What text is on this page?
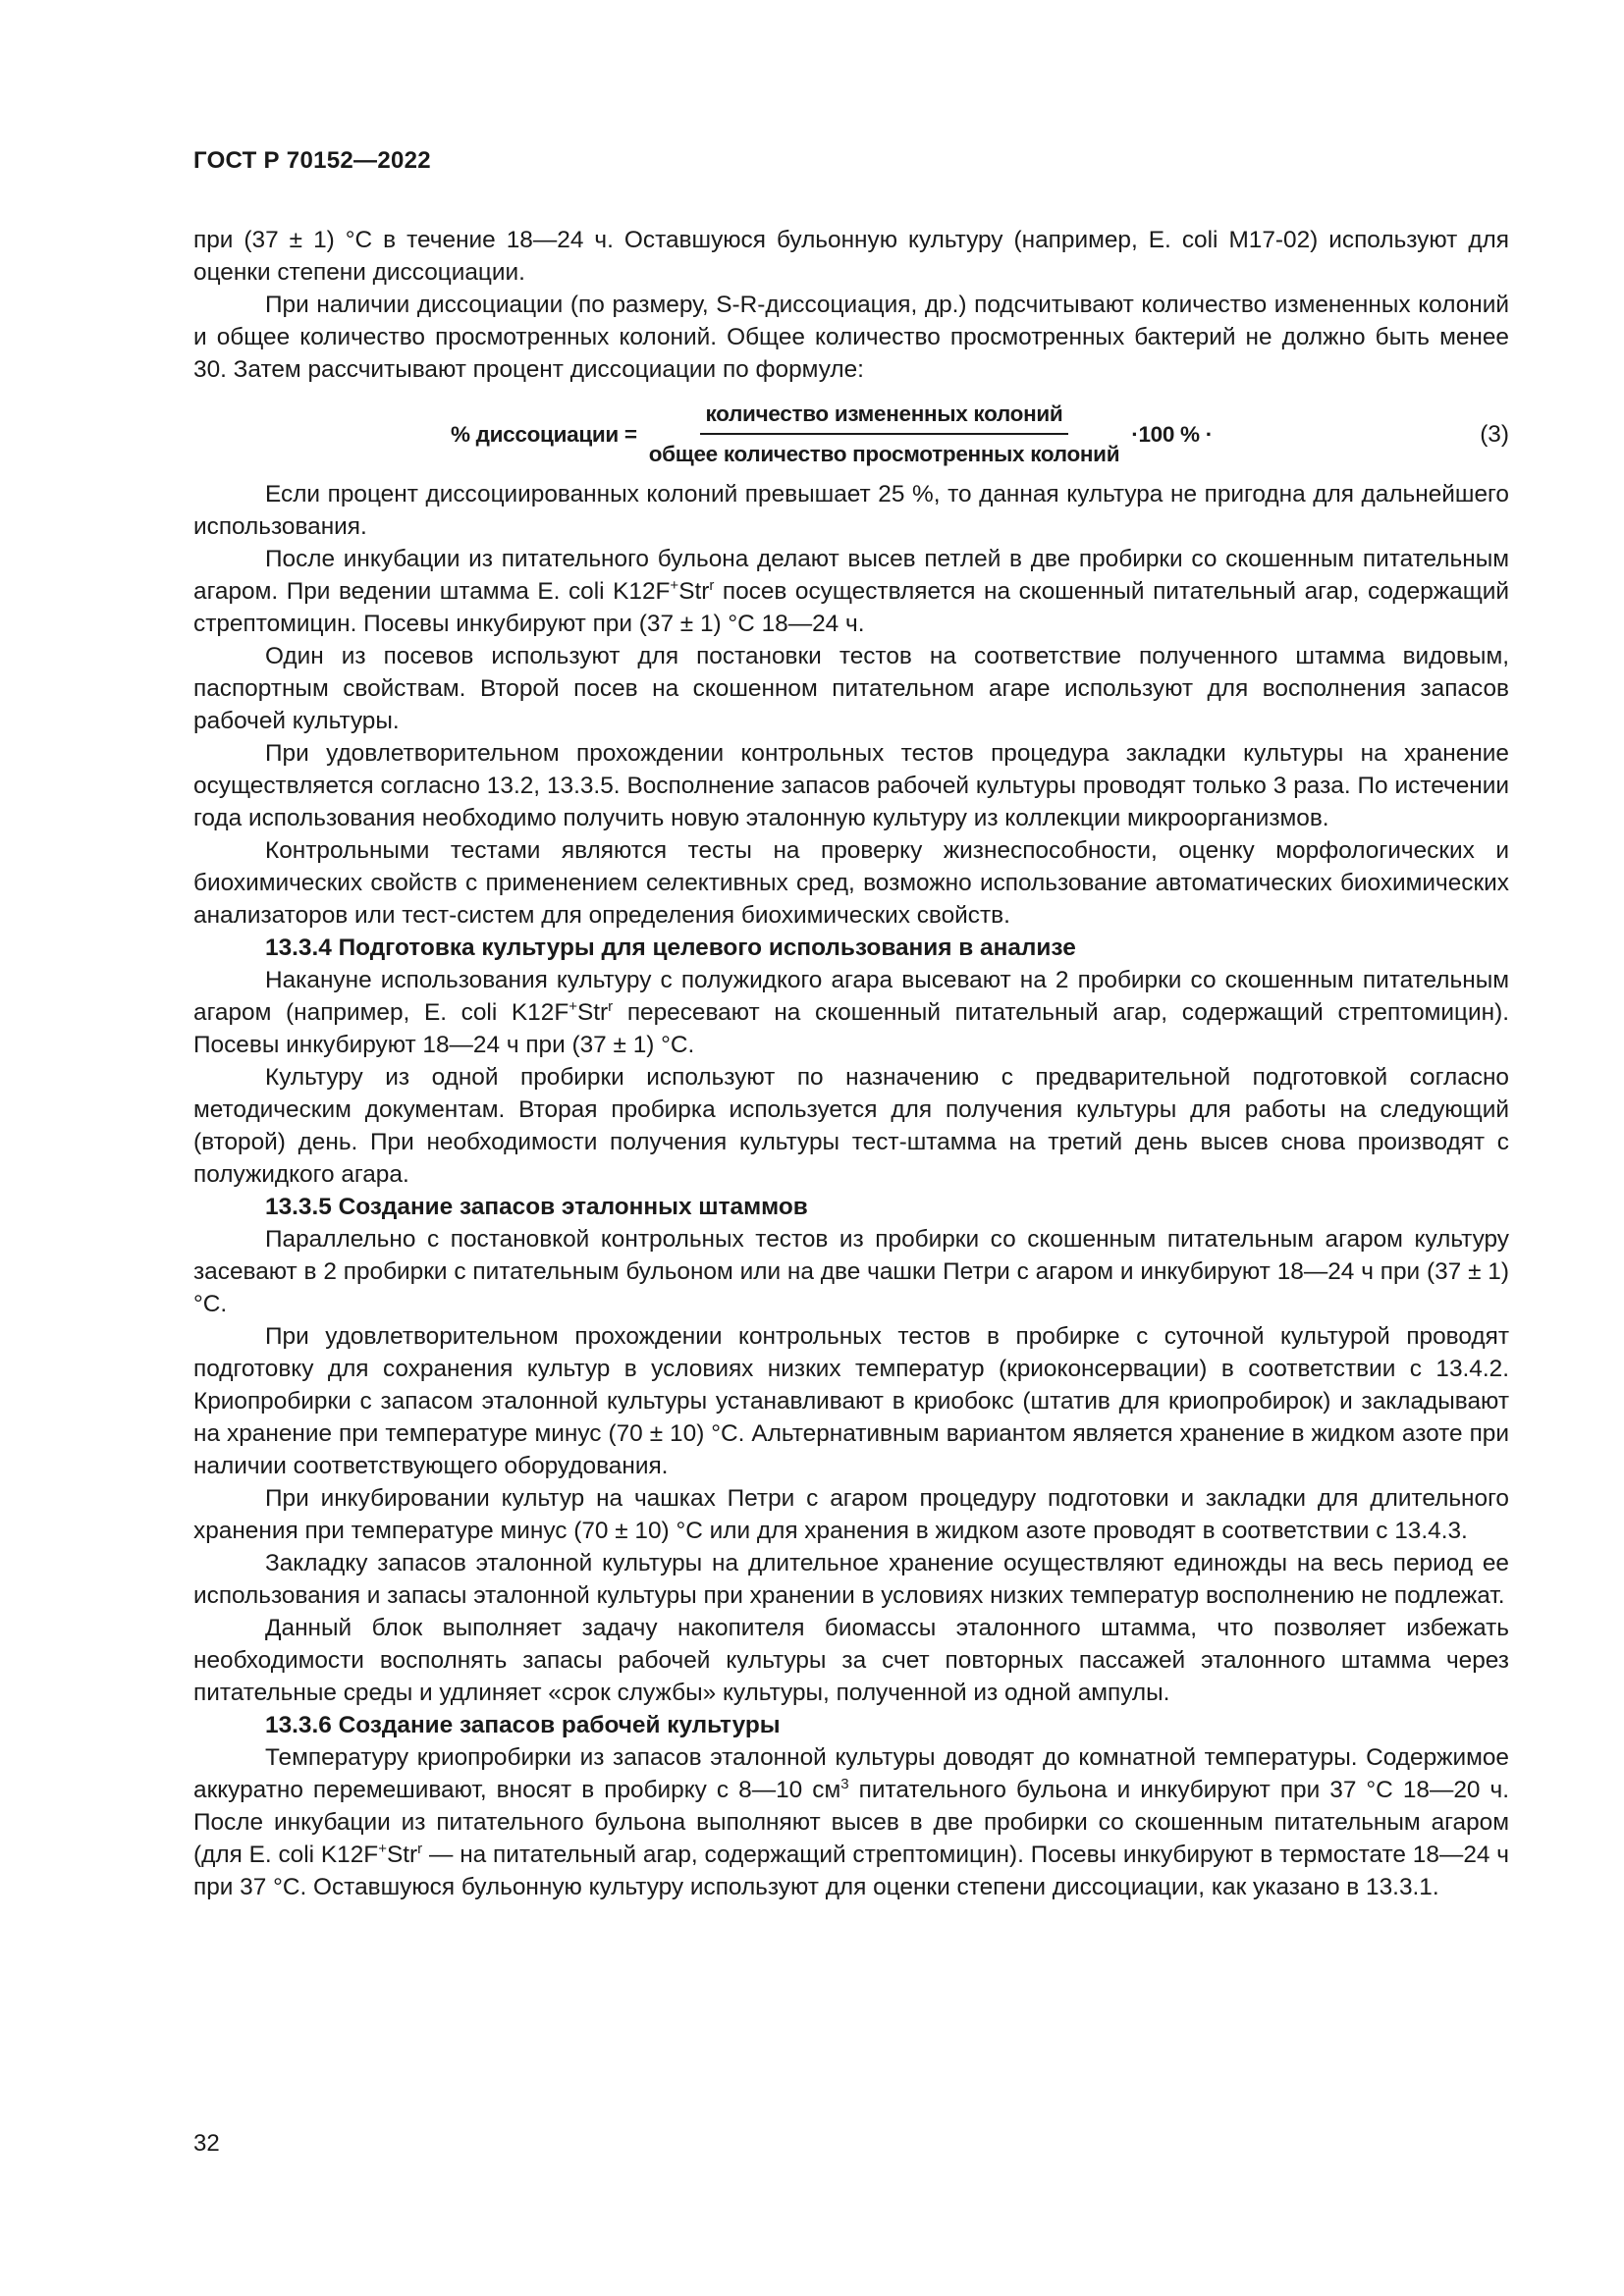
ГОСТ Р 70152—2022

при (37 ± 1) °С в течение 18—24 ч. Оставшуюся бульонную культуру (например, E. coli M17-02) используют для оценки степени диссоциации.

При наличии диссоциации (по размеру, S-R-диссоциация, др.) подсчитывают количество измененных колоний и общее количество просмотренных колоний. Общее количество просмотренных бактерий не должно быть менее 30. Затем рассчитывают процент диссоциации по формуле:

% диссоциации = $\frac{\text{количество измененных колоний}}{\text{общее количество просмотренных колоний}} \cdot 100$ % ·	(3)

Если процент диссоциированных колоний превышает 25 %, то данная культура не пригодна для дальнейшего использования.

После инкубации из питательного бульона делают высев петлей в две пробирки со скошенным питательным агаром. При ведении штамма E. coli K12F+Str$^r$ посев осуществляется на скошенный питательный агар, содержащий стрептомицин. Посевы инкубируют при (37 ± 1) °С 18—24 ч.

Один из посевов используют для постановки тестов на соответствие полученного штамма видовым, паспортным свойствам. Второй посев на скошенном питательном агаре используют для восполнения запасов рабочей культуры.

При удовлетворительном прохождении контрольных тестов процедура закладки культуры на хранение осуществляется согласно 13.2, 13.3.5. Восполнение запасов рабочей культуры проводят только 3 раза. По истечении года использования необходимо получить новую эталонную культуру из коллекции микроорганизмов.

Контрольными тестами являются тесты на проверку жизнеспособности, оценку морфологических и биохимических свойств с применением селективных сред, возможно использование автоматических биохимических анализаторов или тест-систем для определения биохимических свойств.

13.3.4 Подготовка культуры для целевого использования в анализе

Накануне использования культуру с полужидкого агара высевают на 2 пробирки со скошенным питательным агаром (например, E. coli K12F+Str$^r$ пересевают на скошенный питательный агар, содержащий стрептомицин). Посевы инкубируют 18—24 ч при (37 ± 1) °С.

Культуру из одной пробирки используют по назначению с предварительной подготовкой согласно методическим документам. Вторая пробирка используется для получения культуры для работы на следующий (второй) день. При необходимости получения культуры тест-штамма на третий день высев снова производят с полужидкого агара.

13.3.5 Создание запасов эталонных штаммов

Параллельно с постановкой контрольных тестов из пробирки со скошенным питательным агаром культуру засевают в 2 пробирки с питательным бульоном или на две чашки Петри с агаром и инкубируют 18—24 ч при (37 ± 1) °С.

При удовлетворительном прохождении контрольных тестов в пробирке с суточной культурой проводят подготовку для сохранения культур в условиях низких температур (криоконсервации) в соответствии с 13.4.2. Криопробирки с запасом эталонной культуры устанавливают в криобокс (штатив для криопробирок) и закладывают на хранение при температуре минус (70 ± 10) °С. Альтернативным вариантом является хранение в жидком азоте при наличии соответствующего оборудования.

При инкубировании культур на чашках Петри с агаром процедуру подготовки и закладки для длительного хранения при температуре минус (70 ± 10) °С или для хранения в жидком азоте проводят в соответствии с 13.4.3.

Закладку запасов эталонной культуры на длительное хранение осуществляют единожды на весь период ее использования и запасы эталонной культуры при хранении в условиях низких температур восполнению не подлежат.

Данный блок выполняет задачу накопителя биомассы эталонного штамма, что позволяет избежать необходимости восполнять запасы рабочей культуры за счет повторных пассажей эталонного штамма через питательные среды и удлиняет «срок службы» культуры, полученной из одной ампулы.

13.3.6 Создание запасов рабочей культуры

Температуру криопробирки из запасов эталонной культуры доводят до комнатной температуры. Содержимое аккуратно перемешивают, вносят в пробирку с 8—10 $см^3$ питательного бульона и инкубируют при 37 °С 18—20 ч. После инкубации из питательного бульона выполняют высев в две пробирки со скошенным питательным агаром (для E. coli K12F+Str$^r$ — на питательный агар, содержащий стрептомицин). Посевы инкубируют в термостате 18—24 ч при 37 °С. Оставшуюся бульонную культуру используют для оценки степени диссоциации, как указано в 13.3.1.

32
